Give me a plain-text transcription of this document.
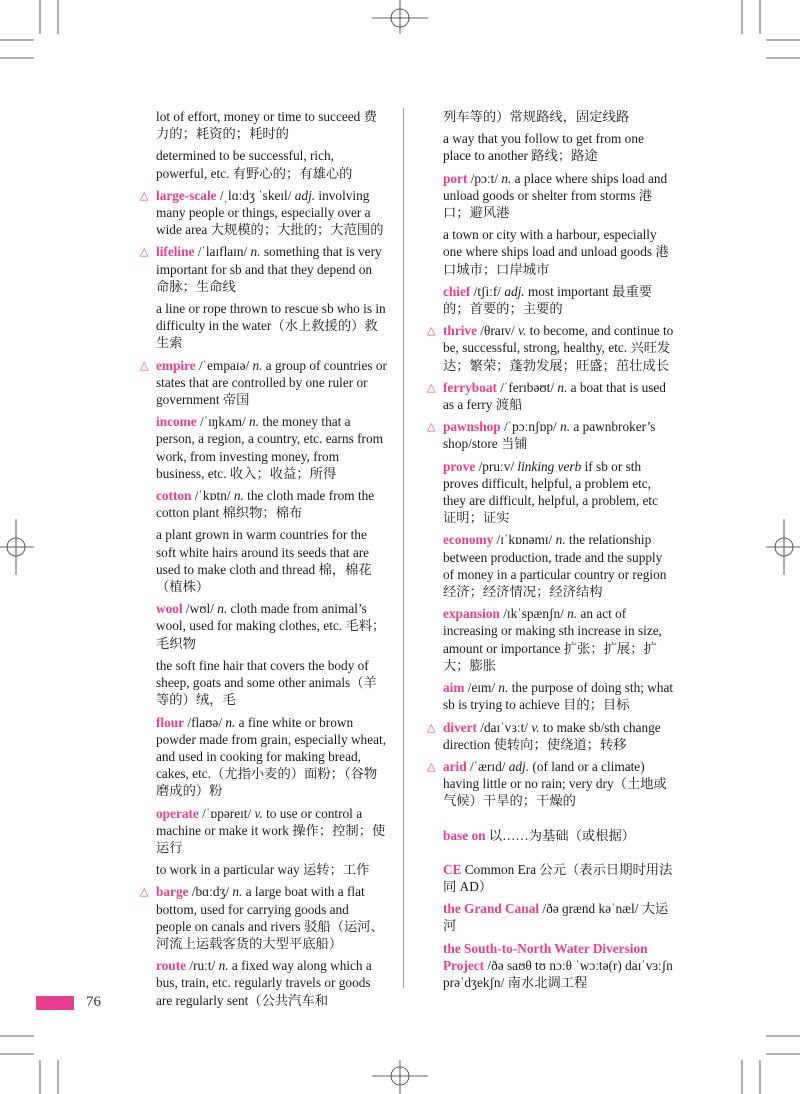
lot of effort, money or time to succeed 费力的；耗资的；耗时的
determined to be successful, rich, powerful, etc. 有野心的；有雄心的
△ large-scale /ˌlɑːdʒ ˈskeɪl/ adj. involving many people or things, especially over a wide area 大规模的；大批的；大范围的
△ lifeline /ˈlaɪflaɪn/ n. something that is very important for sb and that they depend on 命脉；生命线
a line or rope thrown to rescue sb who is in difficulty in the water（水上救援的）救生索
△ empire /ˈempaɪə/ n. a group of countries or states that are controlled by one ruler or government 帝国
income /ˈɪŋkʌm/ n. the money that a person, a region, a country, etc. earns from work, from investing money, from business, etc. 收入；收益；所得
cotton /ˈkɒtn/ n. the cloth made from the cotton plant 棉织物；棉布
a plant grown in warm countries for the soft white hairs around its seeds that are used to make cloth and thread 棉，棉花（植株）
wool /wʊl/ n. cloth made from animal’s wool, used for making clothes, etc. 毛料；毛织物
the soft fine hair that covers the body of sheep, goats and some other animals（羊等的）绒，毛
flour /flaʊə/ n. a fine white or brown powder made from grain, especially wheat, and used in cooking for making bread, cakes, etc.（尤指小麦的）面粉；（谷物磨成的）粉
operate /ˈɒpəreɪt/ v. to use or control a machine or make it work 操作；控制；使运行
to work in a particular way 运转；工作
△ barge /bɑːdʒ/ n. a large boat with a flat bottom, used for carrying goods and people on canals and rivers 驳船（运河、河流上运载客货的大型平底船）
route /ruːt/ n. a fixed way along which a bus, train, etc. regularly travels or goods are regularly sent（公共汽车和
列车等的）常规路线，固定线路
a way that you follow to get from one place to another 路线；路途
port /pɔːt/ n. a place where ships load and unload goods or shelter from storms 港口；避风港
a town or city with a harbour, especially one where ships load and unload goods 港口城市；口岸城市
chief /tʃiːf/ adj. most important 最重要的；首要的；主要的
△ thrive /θraɪv/ v. to become, and continue to be, successful, strong, healthy, etc. 兴旺发达；繁荣；蓬勃发展；旺盛；茁壮成长
△ ferryboat /ˈferɪbəʊt/ n. a boat that is used as a ferry 渡船
△ pawnshop /ˈpɔːnʃɒp/ n. a pawnbroker’s shop/store 当铺
prove /pruːv/ linking verb if sb or sth proves difficult, helpful, a problem etc, they are difficult, helpful, a problem, etc 证明；证实
economy /ɪˈkɒnəmɪ/ n. the relationship between production, trade and the supply of money in a particular country or region 经济；经济情况；经济结构
expansion /ɪkˈspænʃn/ n. an act of increasing or making sth increase in size, amount or importance 扩张；扩展；扩大；膨胀
aim /eɪm/ n. the purpose of doing sth; what sb is trying to achieve 目的；目标
△ divert /daɪˈvɜːt/ v. to make sb/sth change direction 使转向；使绕道；转移
△ arid /ˈærɪd/ adj. (of land or a climate) having little or no rain; very dry（土地或气候）干旱的；干燥的
base on 以……为基础（或根据）
CE Common Era 公元（表示日期时用法同 AD）
the Grand Canal /ðə ɡrænd kəˈnæl/ 大运河
the South-to-North Water Diversion Project /ðə saʊθ tʊ nɔːθ ˈwɔːtə(r) daɪˈvɜːʃn prəˈdʒekʃn/ 南水北调工程
76
